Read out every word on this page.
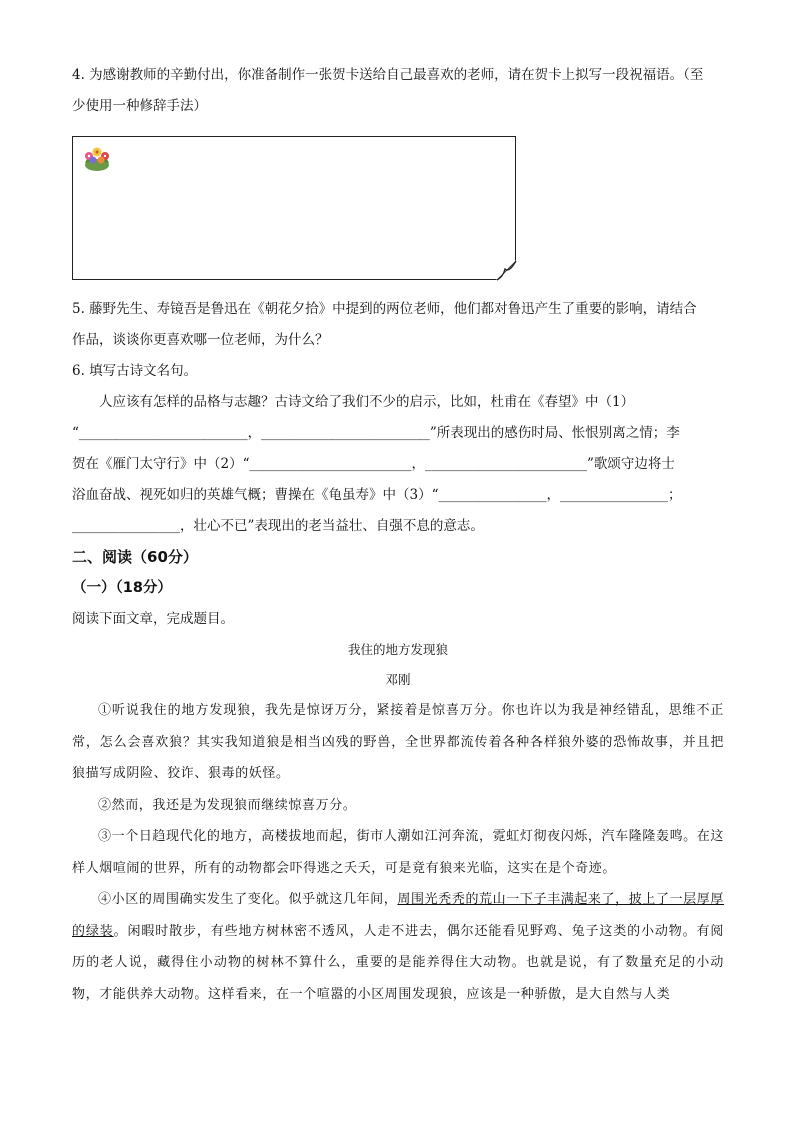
4. 为感谢教师的辛勤付出，你准备制作一张贺卡送给自己最喜欢的老师，请在贺卡上拟写一段祝福语。（至
少使用一种修辞手法）
5. 藤野先生、寿镜吾是鲁迅在《朝花夕拾》中提到的两位老师，他们都对鲁迅产生了重要的影响，请结合
作品，谈谈你更喜欢哪一位老师，为什么？
6. 填写古诗文名句。
人应该有怎样的品格与志趣？古诗文给了我们不少的启示，比如，杜甫在《春望》中（1）
“_________________________，_________________________”所表现出的感伤时局、怅恨别离之情；李
贺在《雁门太守行》中（2）“________________________，________________________”歌颂守边将士
浴血奋战、视死如归的英雄气概；曹操在《龟虽寿》中（3）“________________，________________；
________________，壮心不已”表现出的老当益壮、自强不息的意志。
二、阅读（60分）
（一）（18分）
阅读下面文章，完成题目。
我住的地方发现狼
邓刚

①听说我住的地方发现狼，我先是惊讶万分，紧接着是惊喜万分。你也许以为我是神经错乱，思维不正常，怎么会喜欢狼？其实我知道狼是相当凶残的野兽，全世界都流传着各种各样狼外婆的恐怖故事，并且把狼描写成阴险、狡诈、狠毒的妖怪。

②然而，我还是为发现狼而继续惊喜万分。

③一个日趋现代化的地方，高楼拔地而起，街市人潮如江河奔流，霓虹灯彻夜闪烁，汽车隆隆轰鸣。在这样人烟喧闹的世界，所有的动物都会吓得逃之夭夭，可是竟有狼来光临，这实在是个奇迹。

④小区的周围确实发生了变化。似乎就这几年间，周围光秃秃的荒山一下子丰满起来了，披上了一层厚厚的绿装。闲暇时散步，有些地方树林密不透风，人走不进去，偶尔还能看见野鸡、兔子这类的小动物。有阅历的老人说，藏得住小动物的树林不算什么，重要的是能养得住大动物。也就是说，有了数量充足的小动物，才能供养大动物。这样看来，在一个喧嚣的小区周围发现狼，应该是一种骄傲，是大自然与人类
